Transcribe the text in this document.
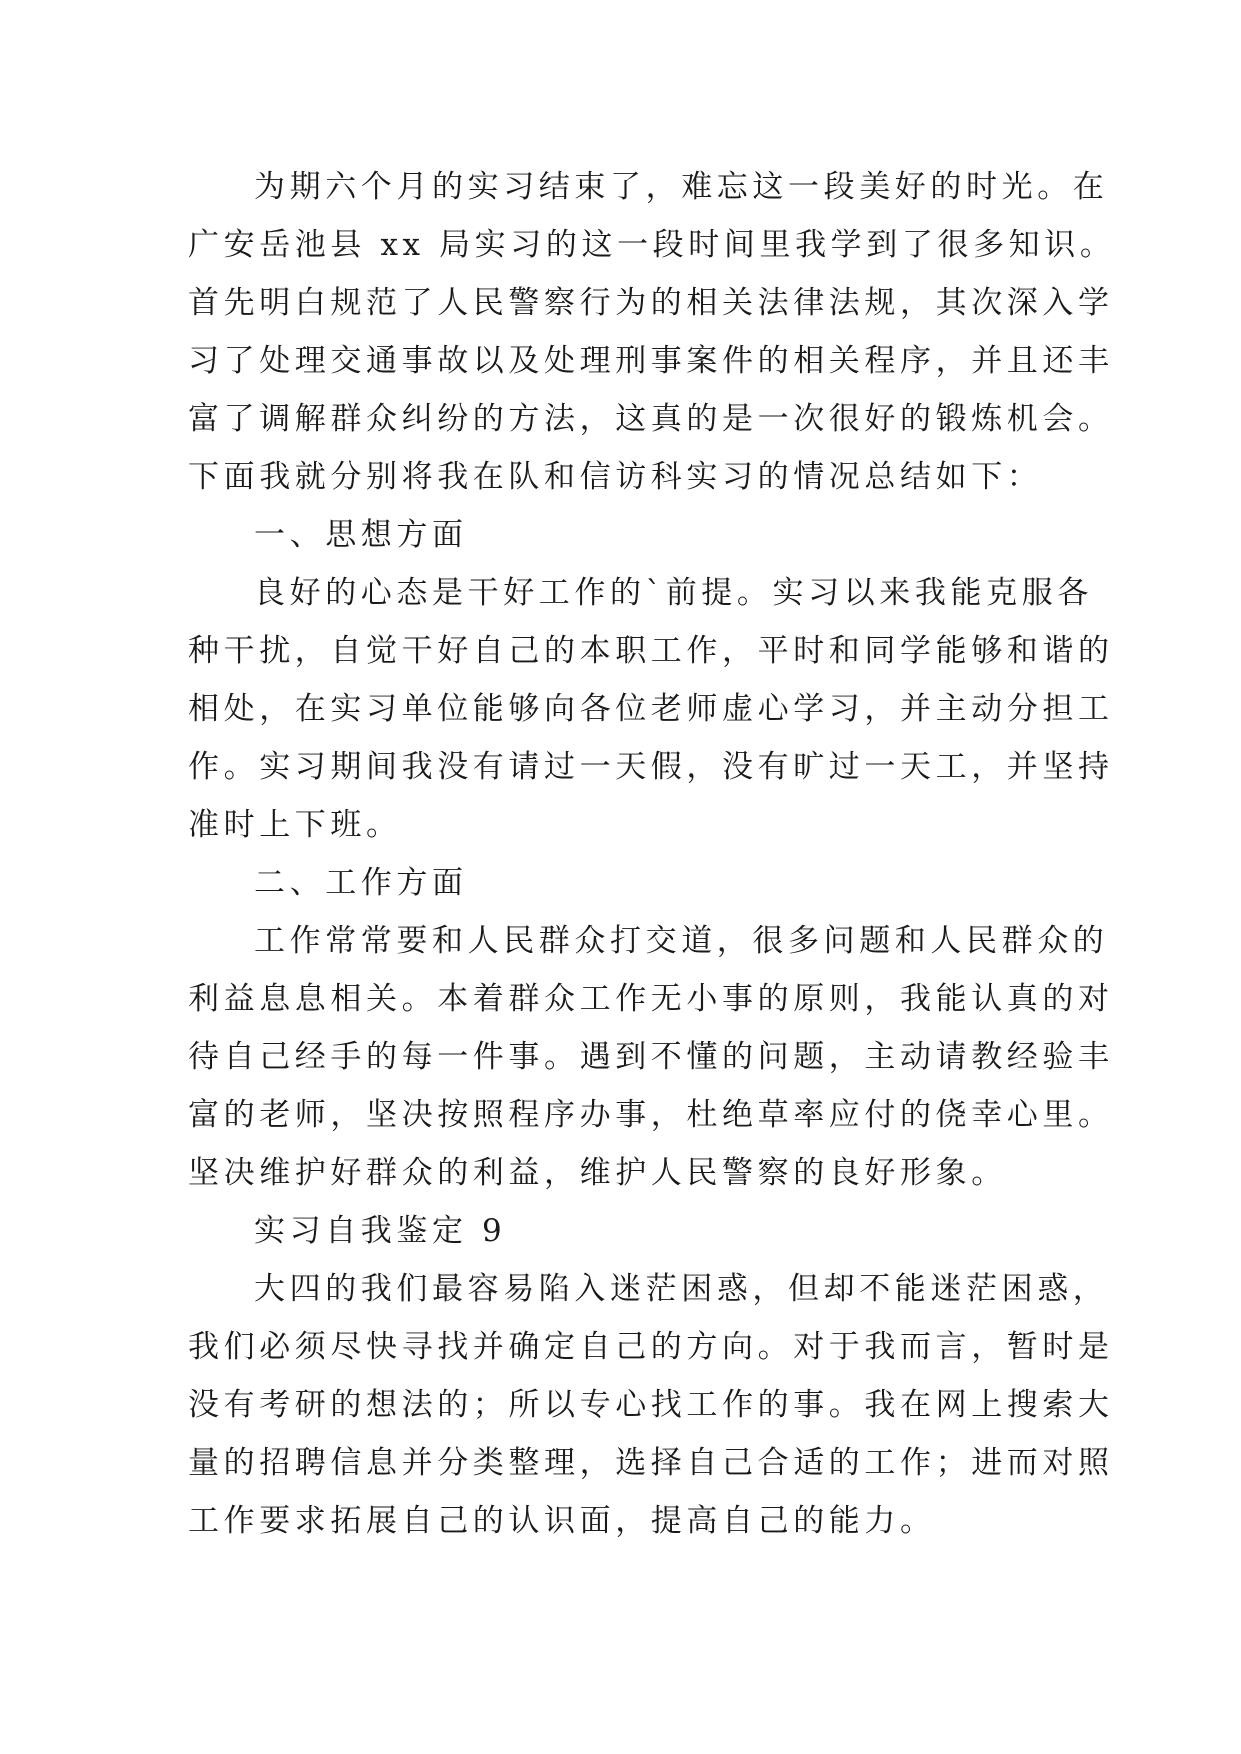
为期六个月的实习结束了，难忘这一段美好的时光。在
广安岳池县 xx 局实习的这一段时间里我学到了很多知识。
首先明白规范了人民警察行为的相关法律法规，其次深入学
习了处理交通事故以及处理刑事案件的相关程序，并且还丰
富了调解群众纠纷的方法，这真的是一次很好的锻炼机会。
下面我就分别将我在队和信访科实习的情况总结如下：
一、思想方面
良好的心态是干好工作的`前提。实习以来我能克服各
种干扰，自觉干好自己的本职工作，平时和同学能够和谐的
相处，在实习单位能够向各位老师虚心学习，并主动分担工
作。实习期间我没有请过一天假，没有旷过一天工，并坚持
准时上下班。
二、工作方面
工作常常要和人民群众打交道，很多问题和人民群众的
利益息息相关。本着群众工作无小事的原则，我能认真的对
待自己经手的每一件事。遇到不懂的问题，主动请教经验丰
富的老师，坚决按照程序办事，杜绝草率应付的侥幸心里。
坚决维护好群众的利益，维护人民警察的良好形象。
实习自我鉴定 9
大四的我们最容易陷入迷茫困惑，但却不能迷茫困惑，
我们必须尽快寻找并确定自己的方向。对于我而言，暂时是
没有考研的想法的；所以专心找工作的事。我在网上搜索大
量的招聘信息并分类整理，选择自己合适的工作；进而对照
工作要求拓展自己的认识面，提高自己的能力。
